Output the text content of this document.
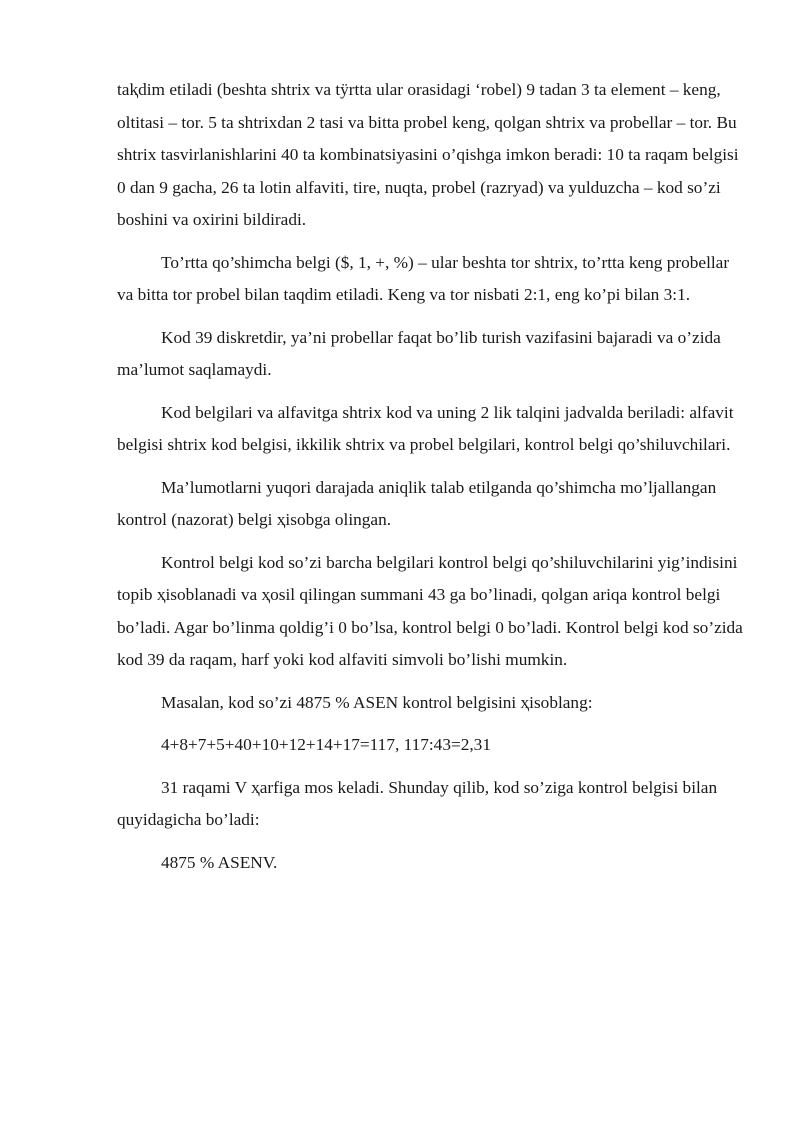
taⱪdim etiladi (beshta shtrix va tÿrtta ular orasidagi ‘robel) 9 tadan 3 ta element – keng, oltitasi – tor. 5 ta shtrixdan 2 tasi va bitta probel keng, qolgan shtrix va probellar – tor. Bu shtrix tasvirlanishlarini 40 ta kombinatsiyasini o’qishga imkon beradi: 10 ta raqam belgisi 0 dan 9 gacha, 26 ta lotin alfaviti, tire, nuqta, probel (razryad) va yulduzcha – kod so’zi boshini va oxirini bildiradi.

To’rtta qo’shimcha belgi ($, 1, +, %) – ular beshta tor shtrix, to’rtta keng probellar va bitta tor probel bilan taqdim etiladi. Keng va tor nisbati 2:1, eng ko’pi bilan 3:1.

Kod 39 diskretdir, ya’ni probellar faqat bo’lib turish vazifasini bajaradi va o’zida ma’lumot saqlamaydi.

Kod belgilari va alfavitga shtrix kod va uning 2 lik talqini jadvalda beriladi: alfavit belgisi shtrix kod belgisi, ikkilik shtrix va probel belgilari, kontrol belgi qo’shiluvchilari.

Ma’lumotlarni yuqori darajada aniqlik talab etilganda qo’shimcha mo’ljallangan kontrol (nazorat) belgi ҳisobga olingan.

Kontrol belgi kod so’zi barcha belgilari kontrol belgi qo’shiluvchilarini yig’indisini topib ҳisoblanadi va ҳosil qilingan summani 43 ga bo’linadi, qolgan ariqa kontrol belgi bo’ladi. Agar bo’linma qoldig’i 0 bo’lsa, kontrol belgi 0 bo’ladi. Kontrol belgi kod so’zida kod 39 da raqam, harf yoki kod alfaviti simvoli bo’lishi mumkin.

Masalan, kod so’zi 4875 % ASEN kontrol belgisini ҳisoblang:

4+8+7+5+40+10+12+14+17=117, 117:43=2,31

31 raqami V ҳarfiga mos keladi. Shunday qilib, kod so’ziga kontrol belgisi bilan quyidagicha bo’ladi:

4875 % ASENV.
